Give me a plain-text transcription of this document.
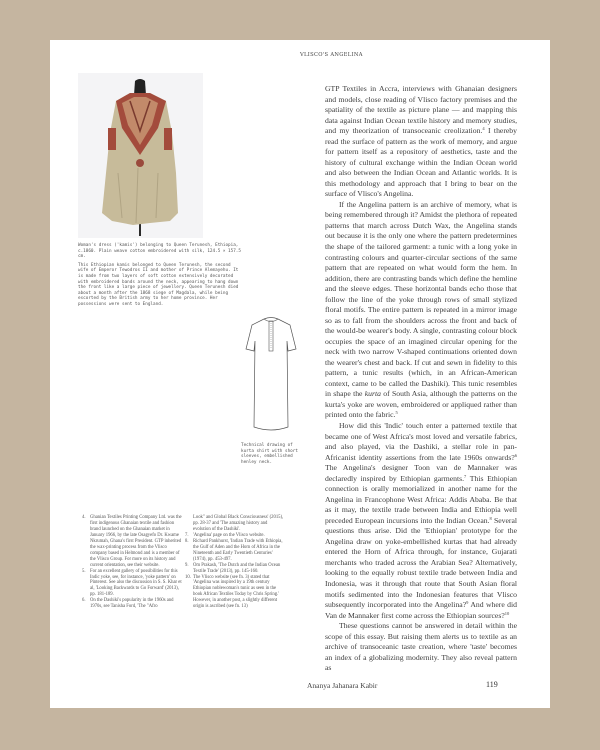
VLISCO'S ANGELINA

Woman's dress ('kamis') belonging to Queen Terunesh, Ethiopia, c.1860. Plain weave cotton embroidered with silk, 124.5 × 157.5 cm.

This Ethiopian kamis belonged to Queen Terunesh, the second wife of Emperor Tewodros II and mother of Prince Alemayehu. It is made from two layers of soft cotton extensively decorated with embroidered bands around the neck, appearing to hang down the front like a large piece of jewellery. Queen Terunesh died about a month after the 1868 siege of Magdala, while being escorted by the British army to her home province. Her possessions were sent to England.

Technical drawing of kurta shirt with short sleeves, embellished henley neck.

GTP Textiles in Accra, interviews with Ghanaian designers and models, close reading of Vlisco factory premises and the spatiality of the textile as picture plane — and mapping this data against Indian Ocean textile history and memory studies, and my theorization of transoceanic creolization.$^4$ I thereby read the surface of pattern as the work of memory, and argue for pattern itself as a repository of aesthetics, taste and the history of cultural exchange within the Indian Ocean world and also between the Indian Ocean and Atlantic worlds. It is this methodology and approach that I bring to bear on the surface of Vlisco's Angelina.

If the Angelina pattern is an archive of memory, what is being remembered through it? Amidst the plethora of repeated patterns that march across Dutch Wax, the Angelina stands out because it is the only one where the pattern predetermines the shape of the tailored garment: a tunic with a long yoke in contrasting colours and quarter-circular sections of the same pattern that are repeated on what would form the hem. In addition, there are contrasting bands which define the hemline and the sleeve edges. These horizontal bands echo those that follow the line of the yoke through rows of small stylized floral motifs. The entire pattern is repeated in a mirror image so as to fall from the shoulders across the front and back of the would-be wearer's body. A single, contrasting colour block occupies the space of an imagined circular opening for the neck with two narrow V-shaped continuations oriented down the wearer's chest and back. If cut and sewn in fidelity to this pattern, a tunic results (which, in an African-American context, came to be called the Dashiki). This tunic resembles in shape the kurta of South Asia, although the patterns on the kurta's yoke are woven, embroidered or appliqued rather than printed onto the fabric.$^5$

How did this 'Indic' touch enter a patterned textile that became one of West Africa's most loved and versatile fabrics, and also played, via the Dashiki, a stellar role in pan-Africanist identity assertions from the late 1960s onwards?$^6$ The Angelina's designer Toon van de Mannaker was declaredly inspired by Ethiopian garments.$^7$ This Ethiopian connection is orally memorialized in another name for the Angelina in Francophone West Africa: Addis Ababa. Be that as it may, the textile trade between India and Ethiopia well preceded European incursions into the Indian Ocean.$^8$ Several questions thus arise. Did the 'Ethiopian' prototype for the Angelina draw on yoke-embellished kurtas that had already entered the Horn of Africa through, for instance, Gujarati merchants who traded across the Arabian Sea? Alternatively, looking to the equally robust textile trade between India and Indonesia, was it through that route that South Asian floral motifs sedimented into the Indonesian features that Vlisco subsequently incorporated into the Angelina?$^9$ And where did Van de Mannaker first come across the Ethiopian sources?$^{10}$

These questions cannot be answered in detail within the scope of this essay. But raising them alerts us to textile as an archive of transoceanic taste creation, where 'taste' becomes an index of a globalizing modernity. They also reveal pattern as

4. Ghanian Textiles Printing Company Ltd. was the first indigenous Ghanaian textile and fashion brand launched on the Ghanaian market in January 1966, by the late Osagyefo Dr. Kwame Nkrumah, Ghana's first President. GTP inherited the wax-printing process from the Vlisco company based in Helmond and is a member of the Vlisco Group. For more on its history and current orientation, see their website.
5. For an excellent gallery of possibilities for this Indic yoke, see, for instance, 'yoke pattern' on Pinterest. See also the discussion in S. S. Khar et al, 'Looking Backwards to Go Forward' (2013), pp. 181-189.
6. On the Dashiki's popularity in the 1960s and 1970s, see Tanisha Ford, 'The "Afro
Look" and Global Black Consciousness' (2015), pp. 28-37 and 'The amazing history and evolution of the Dashiki'.
7. 'Angelina' page on the Vlisco website.
8. Richard Pankhurst, 'Indian Trade with Ethiopia, the Gulf of Aden and the Horn of Africa in the Nineteenth and Early Twentieth Centuries' (1974), pp. 453-497.
9. Om Prakash, 'The Dutch and the Indian Ocean Textile Trade' (2013), pp. 145-160.
10. The Vlisco website (see fn. 3) stated that 'Angelina was inspired by a 19th century Ethiopian noblewoman's tunic as seen in the book African Textiles Today by Chris Spring.' However, in another post, a slightly different origin is ascribed (see fn. 13)
Ananya Jahanara Kabir	119
